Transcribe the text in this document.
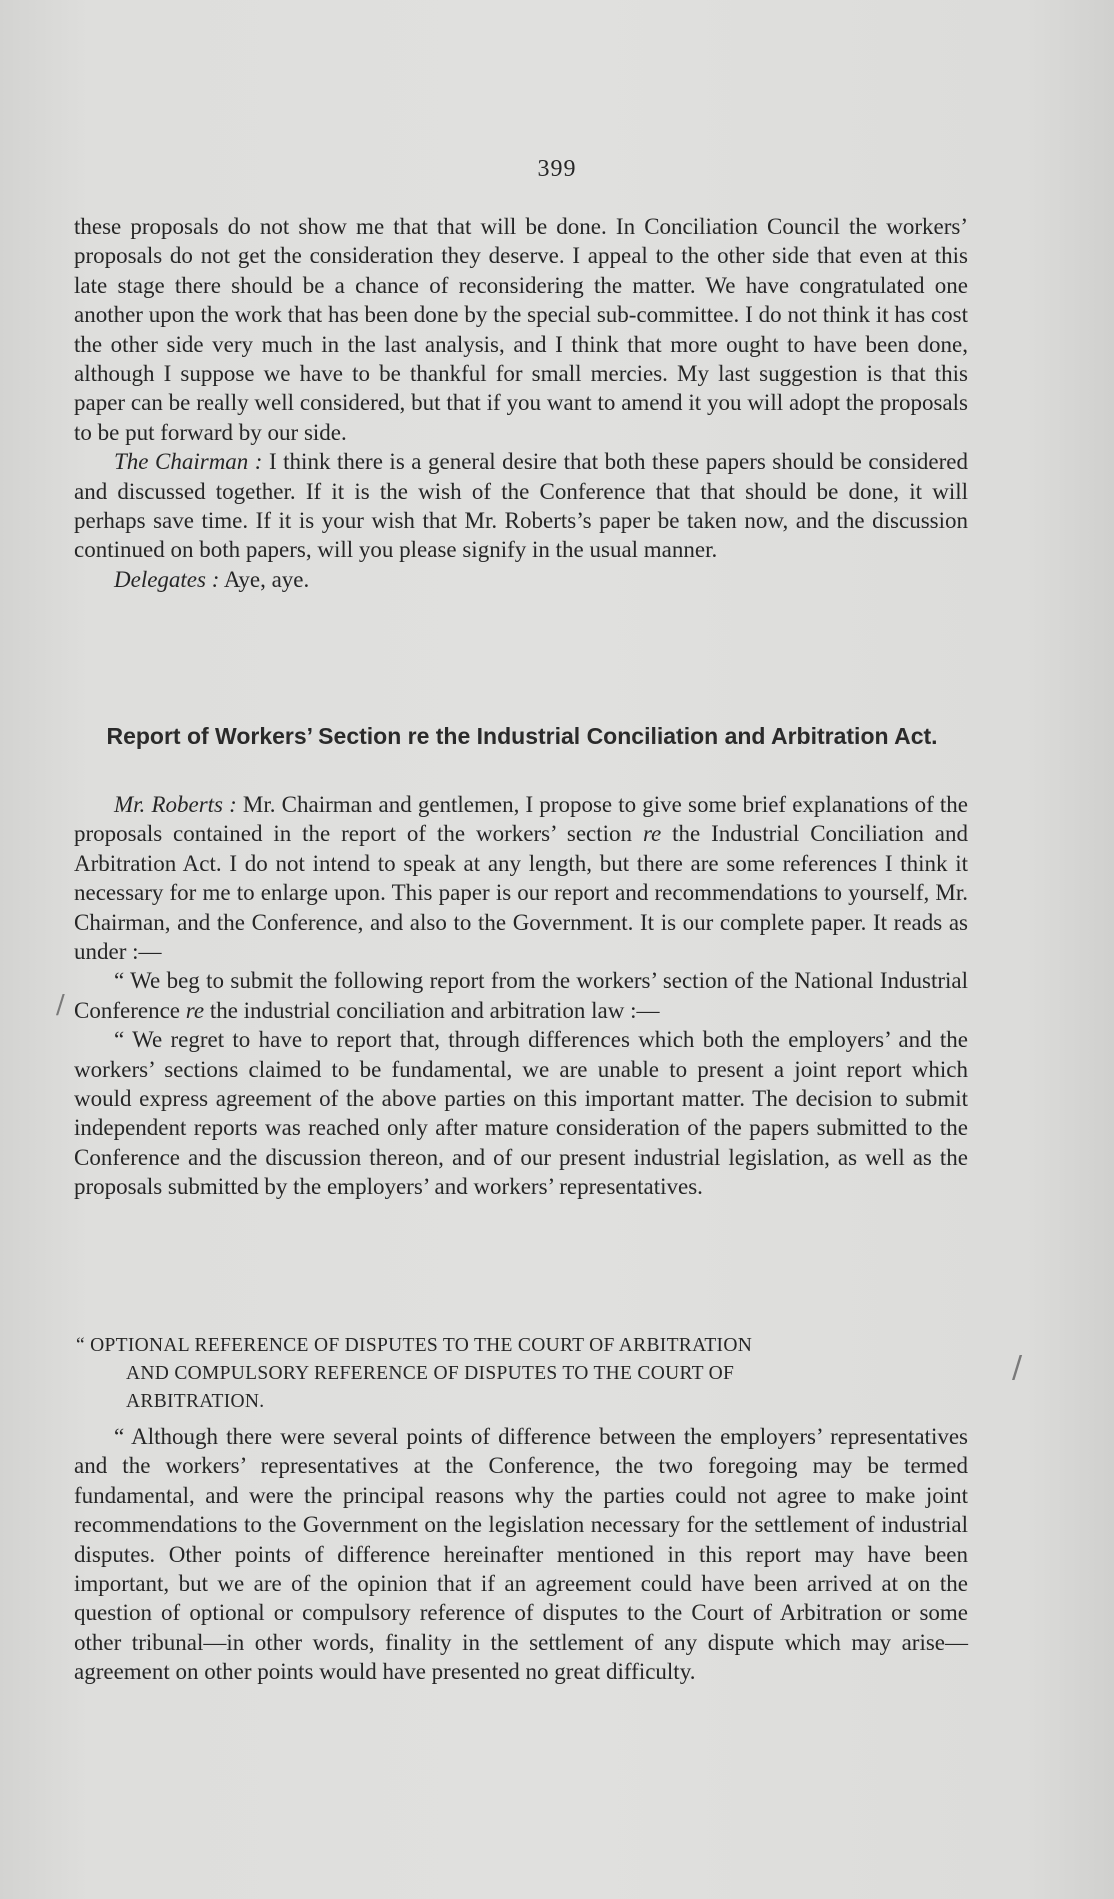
399

these proposals do not show me that that will be done. In Conciliation Council the workers’ proposals do not get the consideration they deserve. I appeal to the other side that even at this late stage there should be a chance of reconsidering the matter. We have congratulated one another upon the work that has been done by the special sub-committee. I do not think it has cost the other side very much in the last analysis, and I think that more ought to have been done, although I suppose we have to be thankful for small mercies. My last suggestion is that this paper can be really well considered, but that if you want to amend it you will adopt the proposals to be put forward by our side.

The Chairman : I think there is a general desire that both these papers should be considered and discussed together. If it is the wish of the Conference that that should be done, it will perhaps save time. If it is your wish that Mr. Roberts’s paper be taken now, and the discussion continued on both papers, will you please signify in the usual manner.

Delegates : Aye, aye.

Report of Workers’ Section re the Industrial Conciliation and Arbitration Act.

Mr. Roberts : Mr. Chairman and gentlemen, I propose to give some brief explanations of the proposals contained in the report of the workers’ section re the Industrial Conciliation and Arbitration Act. I do not intend to speak at any length, but there are some references I think it necessary for me to enlarge upon. This paper is our report and recommendations to yourself, Mr. Chairman, and the Conference, and also to the Government. It is our complete paper. It reads as under :—

“ We beg to submit the following report from the workers’ section of the National Industrial Conference re the industrial conciliation and arbitration law :—

“ We regret to have to report that, through differences which both the employers’ and the workers’ sections claimed to be fundamental, we are unable to present a joint report which would express agreement of the above parties on this important matter. The decision to submit independent reports was reached only after mature consideration of the papers submitted to the Conference and the discussion thereon, and of our present industrial legislation, as well as the proposals submitted by the employers’ and workers’ representatives.

“ OPTIONAL REFERENCE OF DISPUTES TO THE COURT OF ARBITRATION
AND COMPULSORY REFERENCE OF DISPUTES TO THE COURT OF
ARBITRATION.

“ Although there were several points of difference between the employers’ representatives and the workers’ representatives at the Conference, the two foregoing may be termed fundamental, and were the principal reasons why the parties could not agree to make joint recommendations to the Government on the legislation necessary for the settlement of industrial disputes. Other points of difference hereinafter mentioned in this report may have been important, but we are of the opinion that if an agreement could have been arrived at on the question of optional or compulsory reference of disputes to the Court of Arbitration or some other tribunal—in other words, finality in the settlement of any dispute which may arise—agreement on other points would have presented no great difficulty.

/
/
